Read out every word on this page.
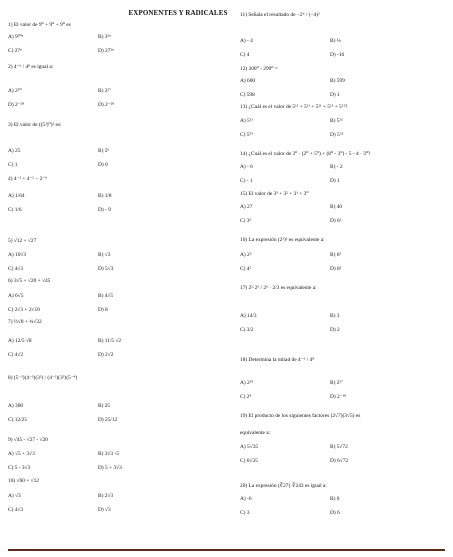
EXPONENTES Y RADICALES
1) El valor de 9⁰ + 9⁰ + 9⁰ es
A) 9²⁰ⁿ	B) 3²ⁿ
C) 27ⁿ	D) 27²ⁿ
2) 4⁻⁶ / 4⁸ es igual a:
A) 2¹⁰	B) 2²⁷
D) 2⁻²⁸	D) 2⁻²⁸
3) El valor de ((5²)⁰)² es:
A) 25	B) 5⁶
C) 1	D) 0
4) 4⁻³ + 4⁻² − 2⁻⁶
A) 1/64	B) 1/8
C) 1/6	D) - 9
5) √12 + √27
A) 10√3	B) √3
C) 4√3	D) 5√3
6) 3√5 + √20 + √45
A) 6√5	B) 4√5
C) 2√3 + 2√10	D) 8
7) ½√8 + ¾√32
A) 12/5 √8	B) 11/5 √2
C) 4√2	D) 2√2
8) (5⁻²)(4⁻³)(3²) / (4⁻²)(3⁵)(5⁻⁴)
A) 300	B) 25
C) 12/25	D) 25/12
9) √45 - √27 - √20
A) √5 + 3√3	B) 3√3 -5
C) 5 - 3√3	D) 5 + 3√3
10) √60 + √12
A) √3	B) 2√3
C) 4√3	D) √3
11) Señala el resultado de −2⁶ / (−4)²
A) - 4	B) ¼
C) 4	D) -16
12) 300⁰ - 299⁰ =
A) 600	B) 599
C) 598	D) 1
13) ¿Cuál es el valor de 5¹¹ + 5¹¹ + 5¹¹ + 5¹¹ + 5¹¹?
A) 5¹¹	B) 5¹²
C) 5⁵⁵	D) 5⁵⁵
14) ¿Cuál es el valor de 3⁰ · (2⁰ + 5⁰) + (8⁰ - 3⁰) - 5 - 4 · 3⁰?
A) - 6	B) - 2
C) - 1	D) 1
15) El valor de 3³ + 3² + 3¹ + 3⁰
A) 27	B) 40
C) 3⁶	D) 6²
16) La expresión (2³)² es equivalente a:
A) 2⁵	B) 6²
C) 4²	D) 8²
17) 2²·2⁵ / 2⁶ · 2/3 es equivalente a:
A) 14/3	B) 3
C) 3/2	D) 2
18) Determina la mitad de 4⁻⁶ / 4⁸
A) 2¹⁹	B) 2²⁷
C) 2⁴	D) 2⁻²⁸
19) El producto de los siguientes factores (2√7)(3√5) es
equivalente a:
A) 5√35	B) 5√72
C) 6√35	D) 6√72
20) La expresión (∛27)·∛243 es igual a:
A) -6	B) 0
C) 3	D) 6
